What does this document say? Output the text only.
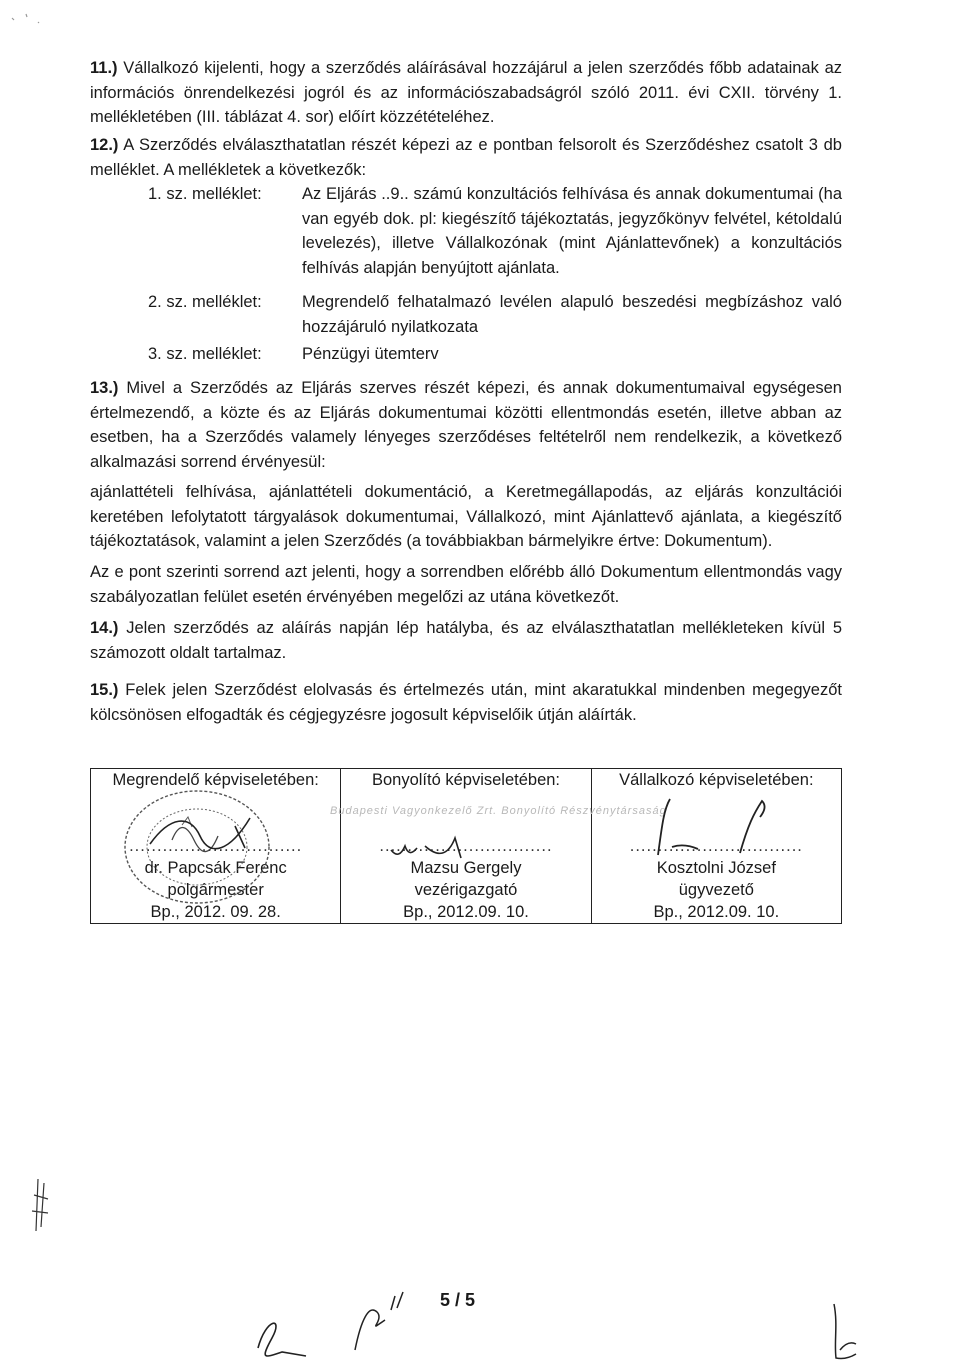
11.) Vállalkozó kijelenti, hogy a szerződés aláírásával hozzájárul a jelen szerződés főbb adatainak az információs önrendelkezési jogról és az információszabadságról szóló 2011. évi CXII. törvény 1. mellékletében (III. táblázat 4. sor) előírt közzétételéhez.
12.) A Szerződés elválaszthatatlan részét képezi az e pontban felsorolt és Szerződéshez csatolt 3 db melléklet. A mellékletek a következők:
1. sz. melléklet: Az Eljárás ..9.. számú konzultációs felhívása és annak dokumentumai (ha van egyéb dok. pl: kiegészítő tájékoztatás, jegyzőkönyv felvétel, kétoldalú levelezés), illetve Vállalkozónak (mint Ajánlattevőnek) a konzultációs felhívás alapján benyújtott ajánlata.
2. sz. melléklet: Megrendelő felhatalmazó levélen alapuló beszedési megbízáshoz való hozzájáruló nyilatkozata
3. sz. melléklet: Pénzügyi ütemterv
13.) Mivel a Szerződés az Eljárás szerves részét képezi, és annak dokumentumaival egységesen értelmezendő, a közte és az Eljárás dokumentumai közötti ellentmondás esetén, illetve abban az esetben, ha a Szerződés valamely lényeges szerződéses feltételről nem rendelkezik, a következő alkalmazási sorrend érvényesül:
ajánlattételi felhívása, ajánlattételi dokumentáció, a Keretmegállapodás, az eljárás konzultációi keretében lefolytatott tárgyalások dokumentumai, Vállalkozó, mint Ajánlattevő ajánlata, a kiegészítő tájékoztatások, valamint a jelen Szerződés (a továbbiakban bármelyikre értve: Dokumentum).
Az e pont szerinti sorrend azt jelenti, hogy a sorrendben előrébb álló Dokumentum ellentmondás vagy szabályozatlan felület esetén érvényében megelőzi az utána következőt.
14.) Jelen szerződés az aláírás napján lép hatályba, és az elválaszthatatlan mellékleteken kívül 5 számozott oldalt tartalmaz.
15.) Felek jelen Szerződést elolvasás és értelmezés után, mint akaratukkal mindenben megegyezőt kölcsönösen elfogadták és cégjegyzésre jogosult képviselőik útján aláírták.
Megrendelő képviseletében:
...............................
dr. Papcsák Ferenc
polgármester
Bp., 2012. 09. 28.

Bonyolító képviseletében:
...............................
Mazsu Gergely
vezérigazgató
Bp., 2012.09. 10.

Vállalkozó képviseletében:
...............................
Kosztolni József
ügyvezető
Bp., 2012.09. 10.
Budapesti Vagyonkezelő Zrt. Bonyolító Részvénytársaság
5 / 5
